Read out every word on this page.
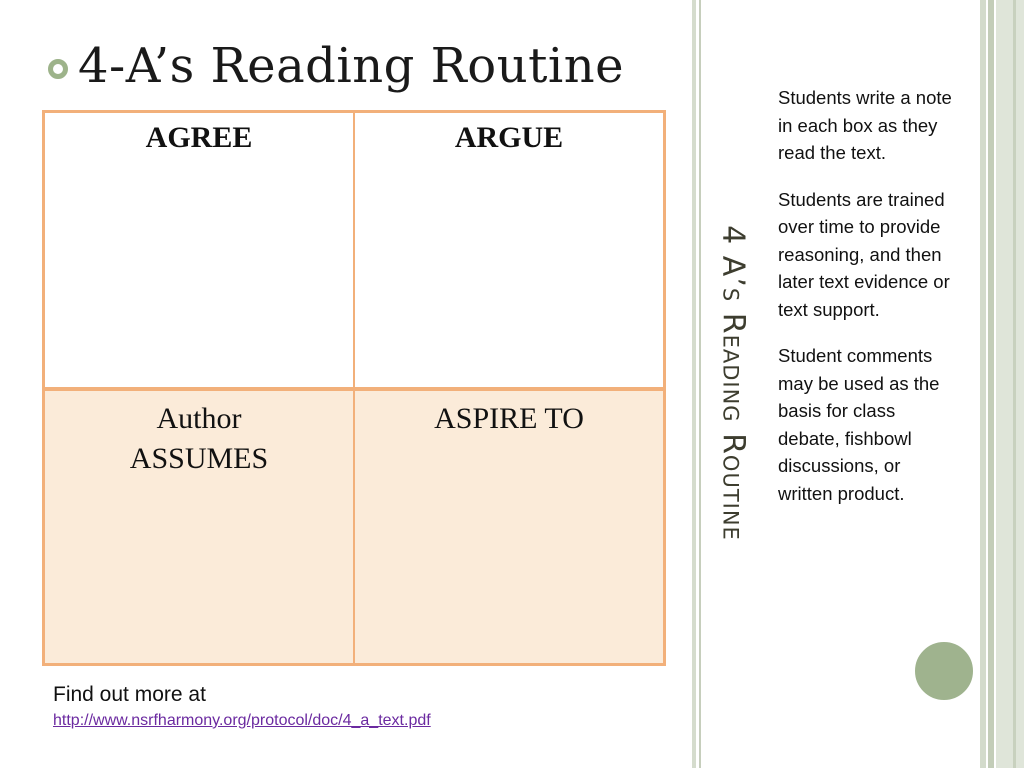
4-A’s Reading Routine
AGREE	ARGUE
Author
ASSUMES
ASPIRE TO
Find out more at
http://www.nsrfharmony.org/protocol/doc/4_a_text.pdf
4 A’s Reading Routine

Students write a note in each box as they read the text.

Students are trained over time to provide reasoning, and then later text evidence or text support.

Student comments may be used as the basis for class debate, fishbowl discussions, or written product.
